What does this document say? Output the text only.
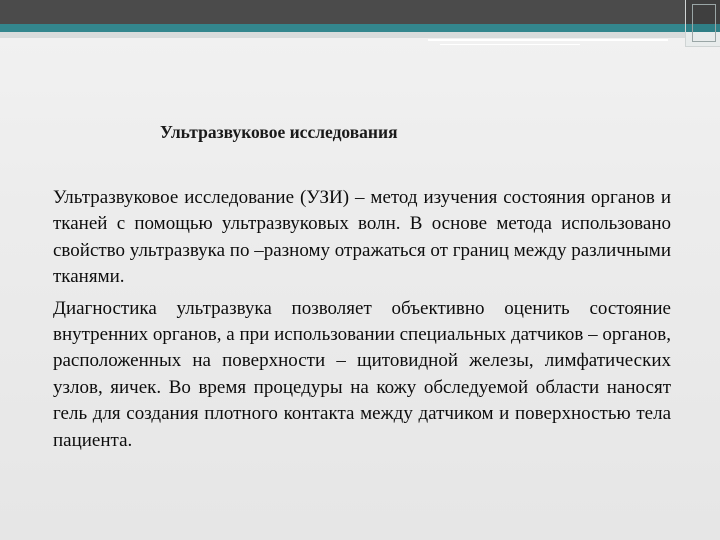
Ультразвуковое исследования

Ультразвуковое исследование (УЗИ) – метод изучения состояния органов и тканей с помощью ультразвуковых волн. В основе метода использовано свойство ультразвука по –разному отражаться от границ между различными тканями.

Диагностика ультразвука позволяет объективно оценить состояние внутренних органов, а при использовании специальных датчиков – органов, расположенных на поверхности – щитовидной железы, лимфатических узлов, яичек. Во время процедуры на кожу обследуемой области наносят гель для создания плотного контакта между датчиком и поверхностью тела пациента.
